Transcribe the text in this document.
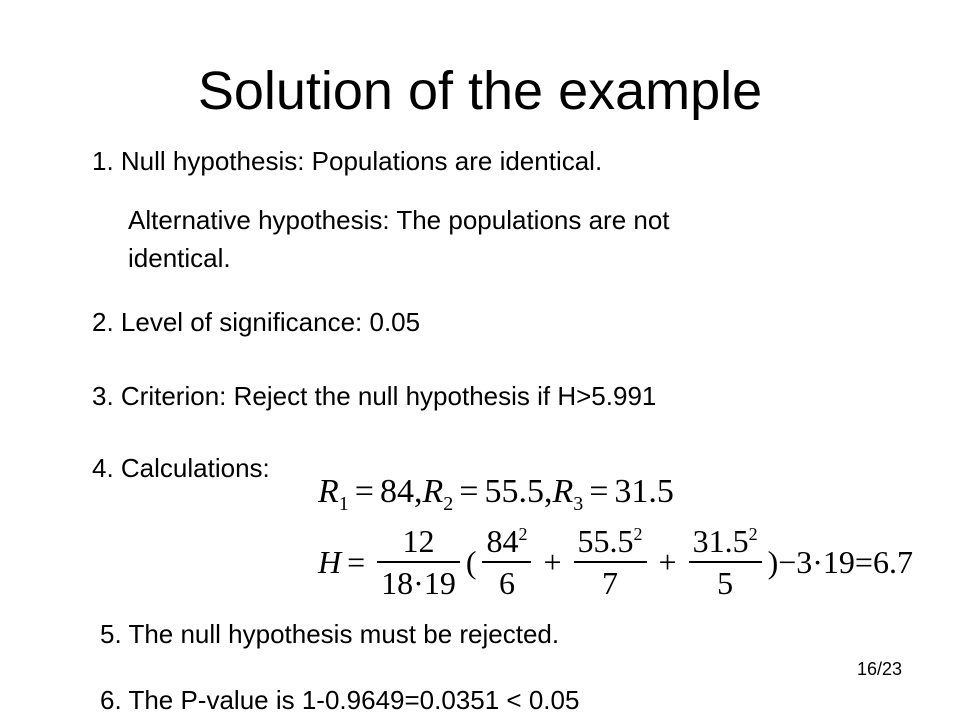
Solution of the example
1. Null hypothesis: Populations are identical.
Alternative hypothesis: The populations are not
identical.
2. Level of significance: 0.05
3. Criterion: Reject the null hypothesis if H>5.991
4. Calculations:
$R_1 = 84,R_2 = 55.5,R_3 = 31.5$
$H = \frac{12}{18\cdot 19}$ ( $\frac{84^2}{6} + \frac{55.5^2}{7} + \frac{31.5^2}{5}$ ) −3·19 =6.7
5. The null hypothesis must be rejected.
6. The P-value is 1-0.9649=0.0351 < 0.05
16/23
